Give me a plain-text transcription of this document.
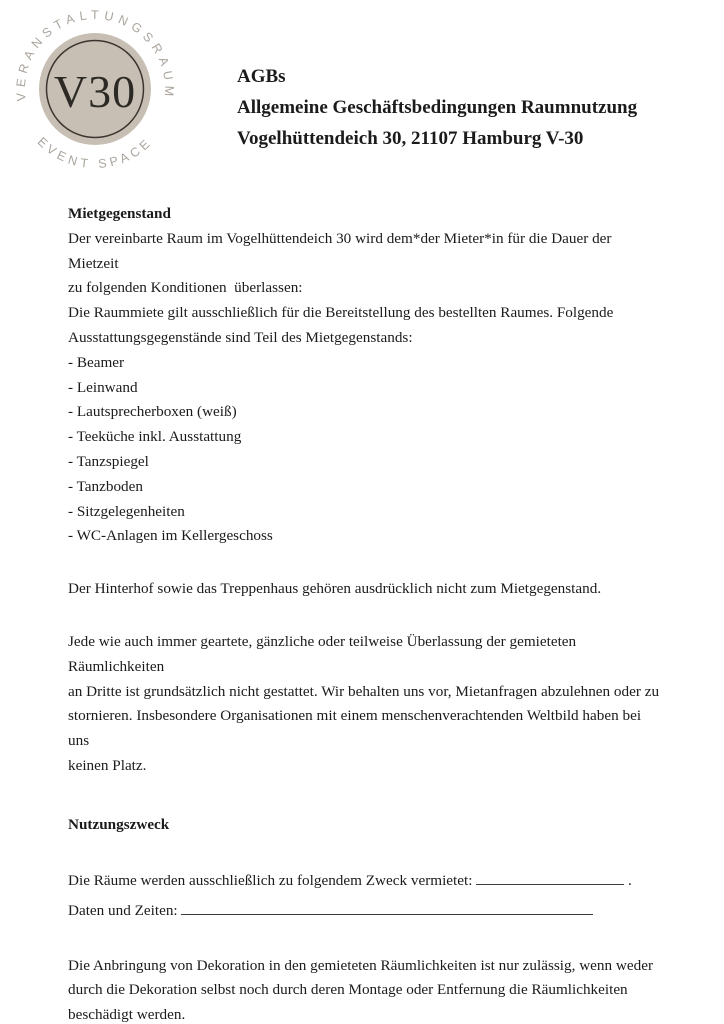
VERANSTALTUNGSRAUM
EVENT SPACE
V30	AGBs
Allgemeine Geschäftsbedingungen Raumnutzung
Vogelhüttendeich 30, 21107 Hamburg V-30
Mietgegenstand
Der vereinbarte Raum im Vogelhüttendeich 30 wird dem*der Mieter*in für die Dauer der Mietzeit
zu folgenden Konditionen  überlassen:
Die Raummiete gilt ausschließlich für die Bereitstellung des bestellten Raumes. Folgende
Ausstattungsgegenstände sind Teil des Mietgegenstands:
- Beamer
- Leinwand
- Lautsprecherboxen (weiß)
- Teeküche inkl. Ausstattung
- Tanzspiegel
- Tanzboden
- Sitzgelegenheiten
- WC-Anlagen im Kellergeschoss
Der Hinterhof sowie das Treppenhaus gehören ausdrücklich nicht zum Mietgegenstand.
Jede wie auch immer geartete, gänzliche oder teilweise Überlassung der gemieteten Räumlichkeiten
an Dritte ist grundsätzlich nicht gestattet. Wir behalten uns vor, Mietanfragen abzulehnen oder zu
stornieren. Insbesondere Organisationen mit einem menschenverachtenden Weltbild haben bei uns
keinen Platz.
Nutzungszweck
Die Räume werden ausschließlich zu folgendem Zweck vermietet:	.
Daten und Zeiten:
Die Anbringung von Dekoration in den gemieteten Räumlichkeiten ist nur zulässig, wenn weder
durch die Dekoration selbst noch durch deren Montage oder Entfernung die Räumlichkeiten
beschädigt werden.
